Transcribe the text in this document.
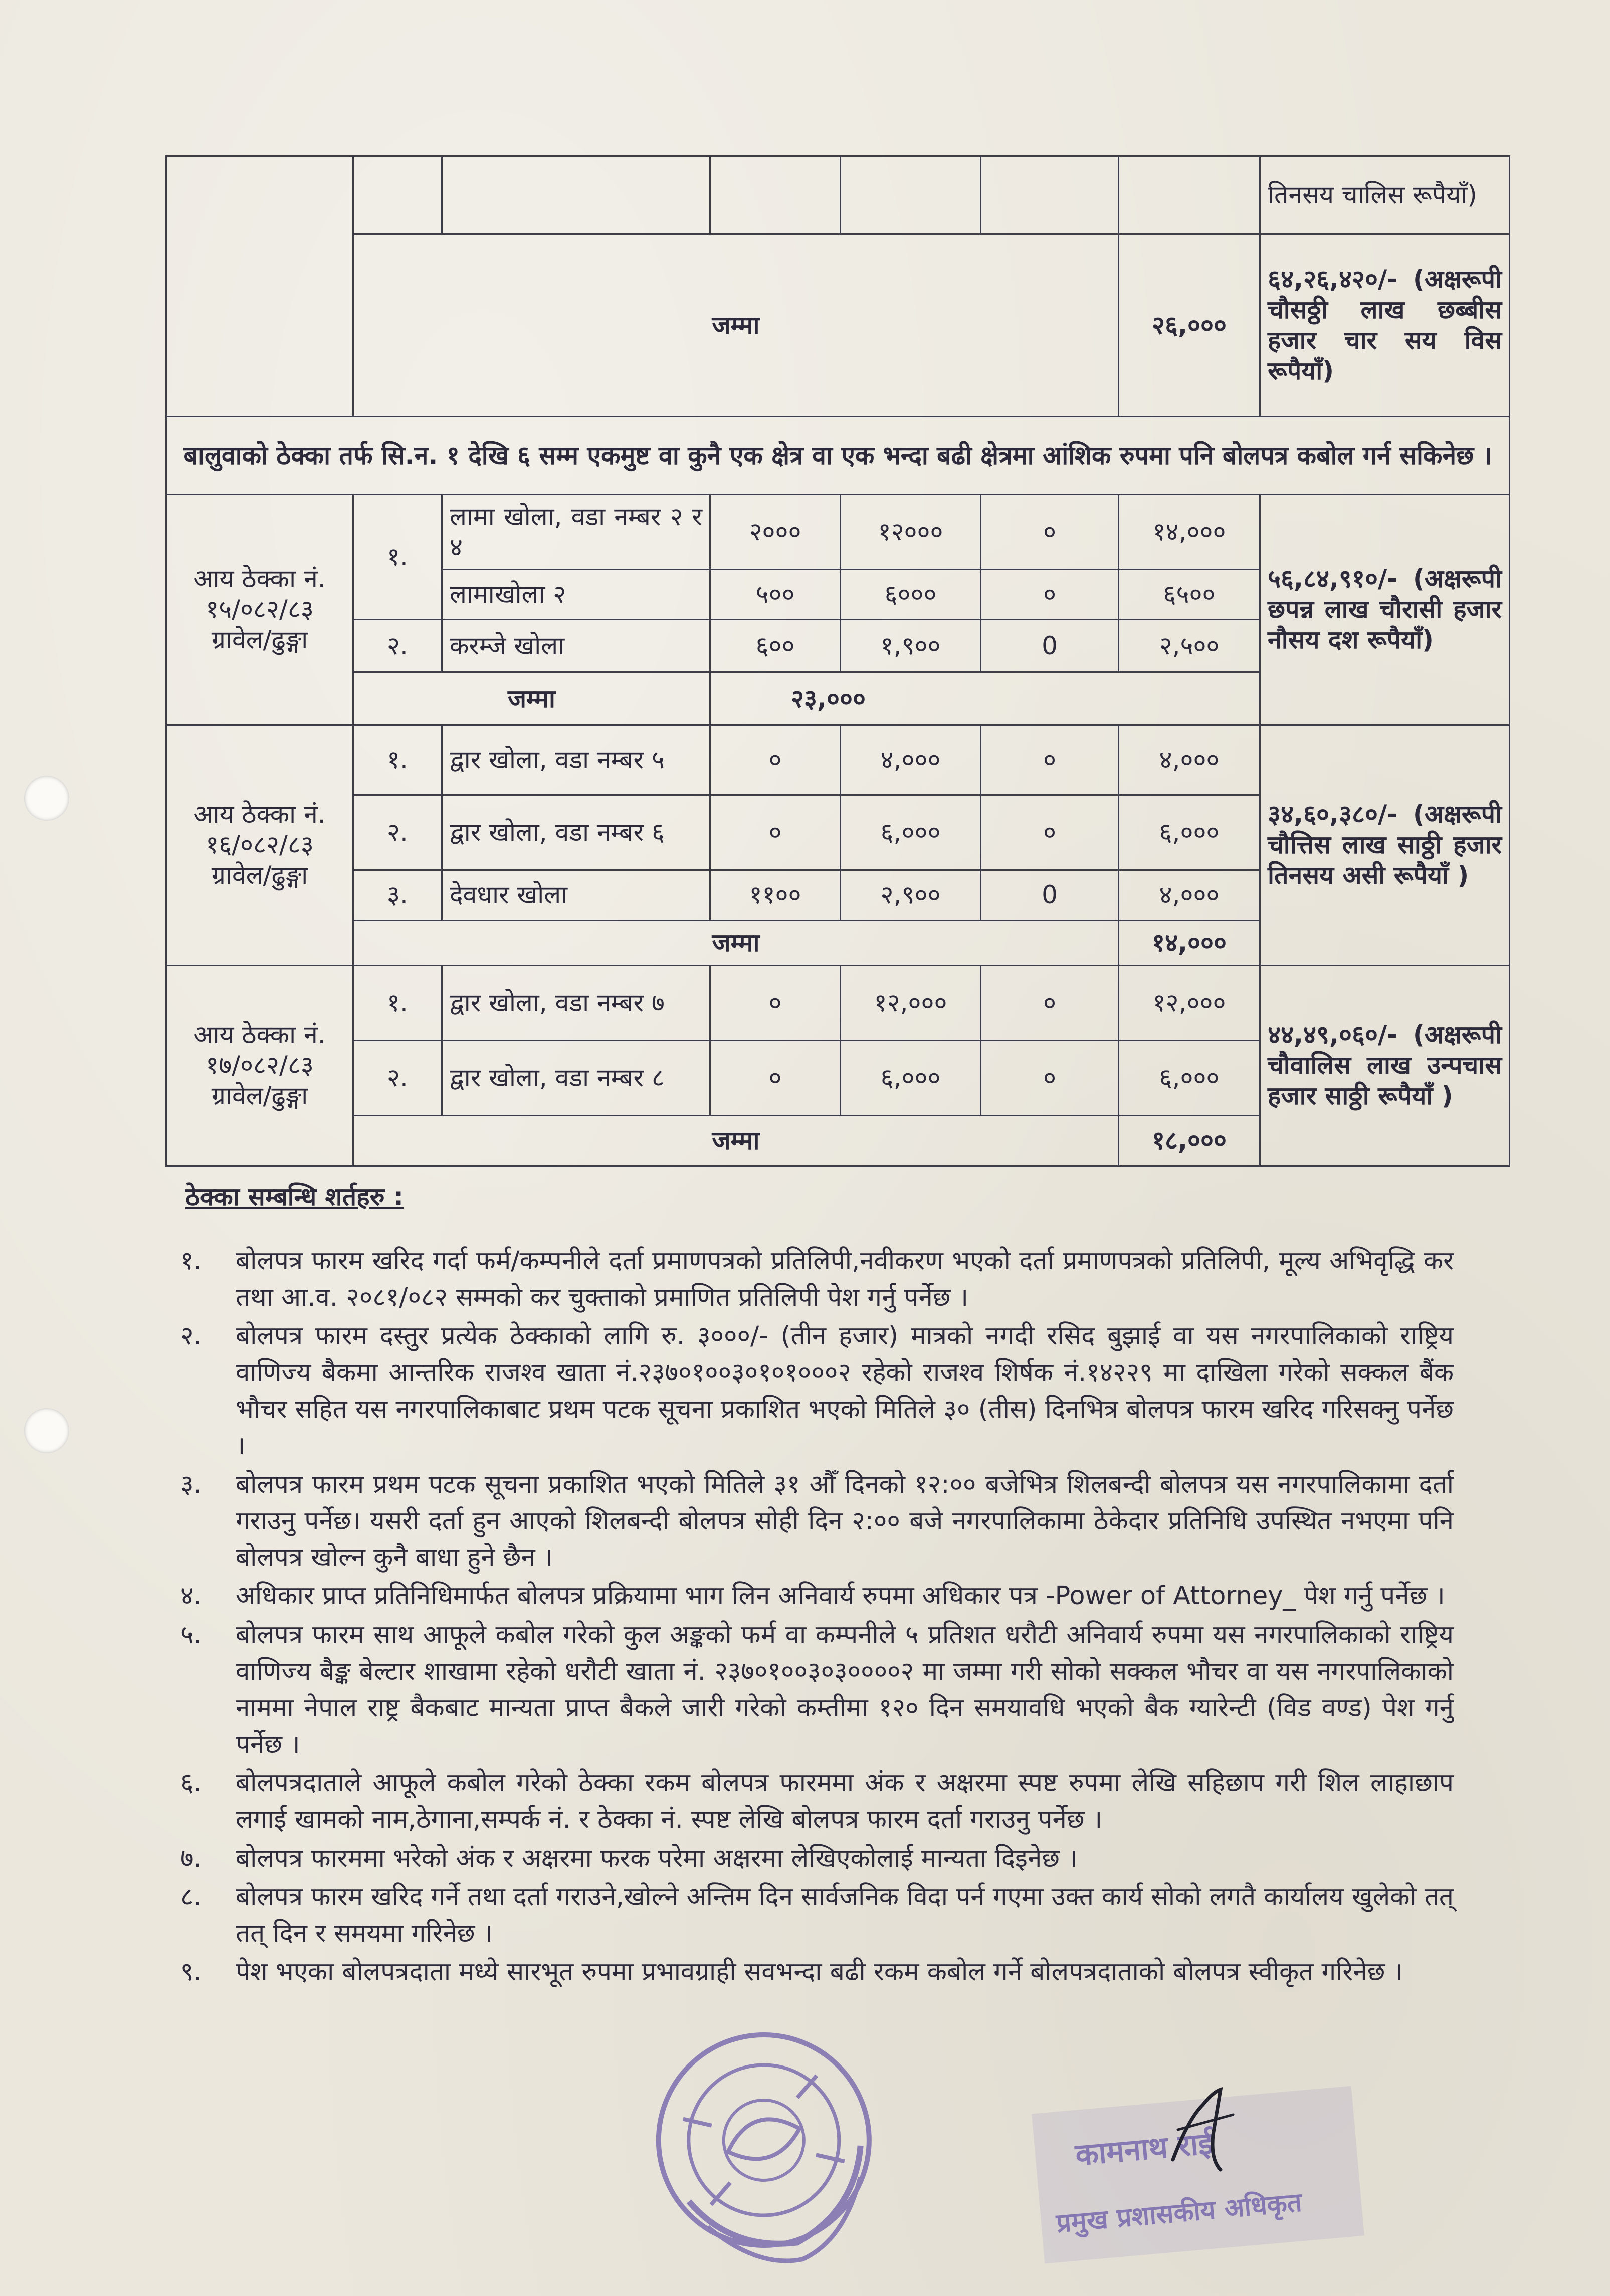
							तिनसय चालिस रूपैयाँ)
	जम्मा					२६,०००	६४,२६,४२०/- (अक्षरूपी चौसठ्ठी लाख छब्बीस हजार चार सय विस रूपैयाँ)
बालुवाको ठेक्का तर्फ सि.न. १ देखि ६ सम्म एकमुष्ट वा कुनै एक क्षेत्र वा एक भन्दा बढी क्षेत्रमा आंशिक रुपमा पनि बोलपत्र कबोल गर्न सकिनेछ ।							
आय ठेक्का नं. १५/०८२/८३ ग्रावेल/ढुङ्गा	१.	लामा खोला, वडा नम्बर २ र ४	२०००	१२०००	०	१४,०००	५६,८४,९१०/- (अक्षरूपी छपन्न लाख चौरासी हजार नौसय दश रूपैयाँ)
		लामाखोला २	५००	६०००	०	६५००	
	२.	करम्जे खोला	६००	१,९००	0	२,५००	
	जम्मा		२३,०००				
आय ठेक्का नं. १६/०८२/८३ ग्रावेल/ढुङ्गा	१.	द्वार खोला, वडा नम्बर ५	०	४,०००	०	४,०००	३४,६०,३८०/- (अक्षरूपी चौत्तिस लाख साठ्ठी हजार तिनसय असी रूपैयाँ )
	२.	द्वार खोला, वडा नम्बर ६	०	६,०००	०	६,०००	
	३.	देवधार खोला	११००	२,९००	0	४,०००	
	जम्मा					१४,०००	
आय ठेक्का नं. १७/०८२/८३ ग्रावेल/ढुङ्गा	१.	द्वार खोला, वडा नम्बर ७	०	१२,०००	०	१२,०००	४४,४९,०६०/- (अक्षरूपी चौवालिस लाख उन्पचास हजार साठ्ठी रूपैयाँ )
	२.	द्वार खोला, वडा नम्बर ८	०	६,०००	०	६,०००	
	जम्मा					१८,०००	
ठेक्का सम्बन्धि शर्तहरु :
१. बोलपत्र फारम खरिद गर्दा फर्म/कम्पनीले दर्ता प्रमाणपत्रको प्रतिलिपी,नवीकरण भएको दर्ता प्रमाणपत्रको प्रतिलिपी, मूल्य अभिवृद्धि कर तथा आ.व. २०८१/०८२ सम्मको कर चुक्ताको प्रमाणित प्रतिलिपी पेश गर्नु पर्नेछ ।
२. बोलपत्र फारम दस्तुर प्रत्येक ठेक्काको लागि रु. ३०००/- (तीन हजार) मात्रको नगदी रसिद बुझाई वा यस नगरपालिकाको राष्ट्रिय वाणिज्य बैकमा आन्तरिक राजश्व खाता नं.२३७०१००३०१०१०००२ रहेको राजश्व शिर्षक नं.१४२२९ मा दाखिला गरेको सक्कल बैंक भौचर सहित यस नगरपालिकाबाट प्रथम पटक सूचना प्रकाशित भएको मितिले ३० (तीस) दिनभित्र बोलपत्र फारम खरिद गरिसक्नु पर्नेछ ।
३. बोलपत्र फारम प्रथम पटक सूचना प्रकाशित भएको मितिले ३१ औँ दिनको १२:०० बजेभित्र शिलबन्दी बोलपत्र यस नगरपालिकामा दर्ता गराउनु पर्नेछ। यसरी दर्ता हुन आएको शिलबन्दी बोलपत्र सोही दिन २:०० बजे नगरपालिकामा ठेकेदार प्रतिनिधि उपस्थित नभएमा पनि बोलपत्र खोल्न कुनै बाधा हुने छैन ।
४. अधिकार प्राप्त प्रतिनिधिमार्फत बोलपत्र प्रक्रियामा भाग लिन अनिवार्य रुपमा अधिकार पत्र -Power of Attorney_ पेश गर्नु पर्नेछ ।
५. बोलपत्र फारम साथ आफूले कबोल गरेको कुल अङ्कको फर्म वा कम्पनीले ५ प्रतिशत धरौटी अनिवार्य रुपमा यस नगरपालिकाको राष्ट्रिय वाणिज्य बैङ्क बेल्टार शाखामा रहेको धरौटी खाता नं. २३७०१००३०३००००२ मा जम्मा गरी सोको सक्कल भौचर वा यस नगरपालिकाको नाममा नेपाल राष्ट्र बैकबाट मान्यता प्राप्त बैकले जारी गरेको कम्तीमा १२० दिन समयावधि भएको बैक ग्यारेन्टी (विड वण्ड) पेश गर्नु पर्नेछ ।
६. बोलपत्रदाताले आफूले कबोल गरेको ठेक्का रकम बोलपत्र फारममा अंक र अक्षरमा स्पष्ट रुपमा लेखि सहिछाप गरी शिल लाहाछाप लगाई खामको नाम,ठेगाना,सम्पर्क नं. र ठेक्का नं. स्पष्ट लेखि बोलपत्र फारम दर्ता गराउनु पर्नेछ ।
७. बोलपत्र फारममा भरेको अंक र अक्षरमा फरक परेमा अक्षरमा लेखिएकोलाई मान्यता दिइनेछ ।
८. बोलपत्र फारम खरिद गर्ने तथा दर्ता गराउने,खोल्ने अन्तिम दिन सार्वजनिक विदा पर्न गएमा उक्त कार्य सोको लगतै कार्यालय खुलेको तत् तत् दिन र समयमा गरिनेछ ।
९. पेश भएका बोलपत्रदाता मध्ये सारभूत रुपमा प्रभावग्राही सवभन्दा बढी रकम कबोल गर्ने बोलपत्रदाताको बोलपत्र स्वीकृत गरिनेछ ।
कामनाथ राई
प्रमुख प्रशासकीय अधिकृत
